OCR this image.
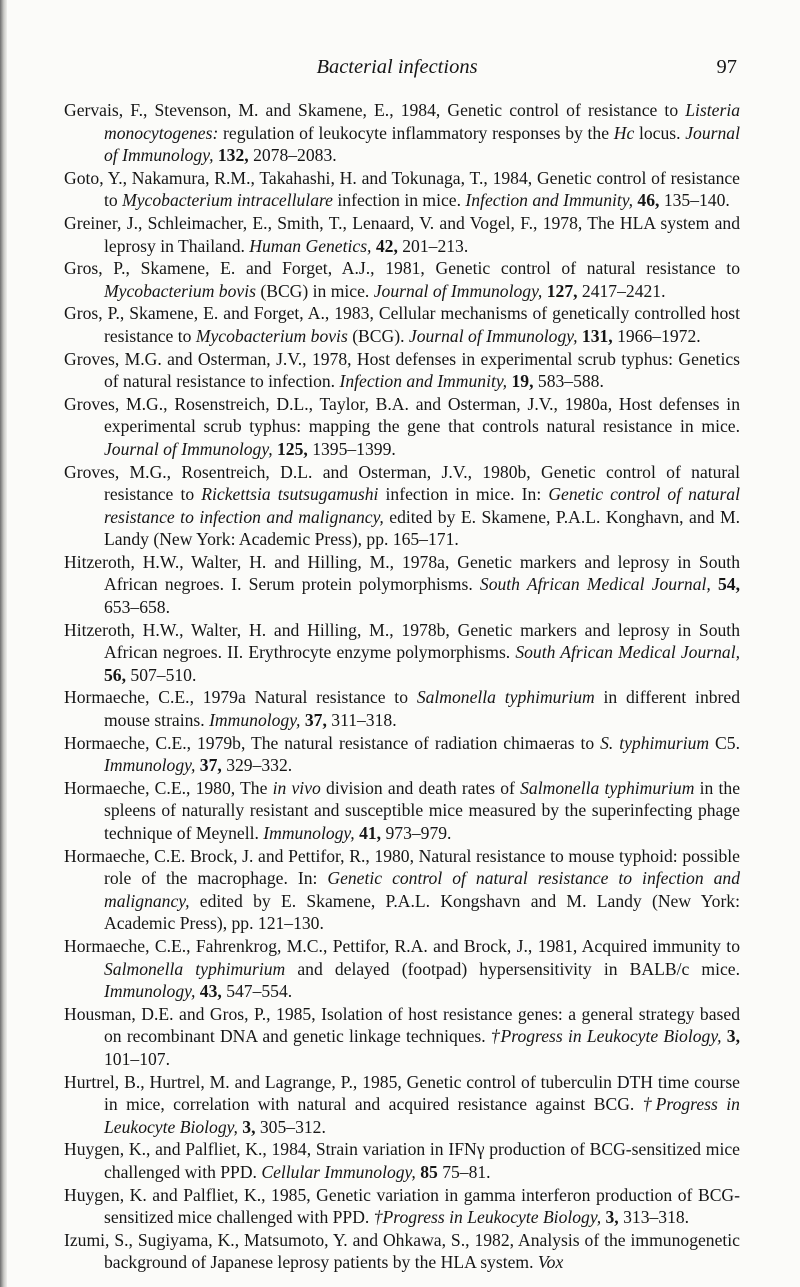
Bacterial infections	97
Gervais, F., Stevenson, M. and Skamene, E., 1984, Genetic control of resistance to Listeria monocytogenes: regulation of leukocyte inflammatory responses by the Hc locus. Journal of Immunology, 132, 2078–2083.
Goto, Y., Nakamura, R.M., Takahashi, H. and Tokunaga, T., 1984, Genetic control of resistance to Mycobacterium intracellulare infection in mice. Infection and Immunity, 46, 135–140.
Greiner, J., Schleimacher, E., Smith, T., Lenaard, V. and Vogel, F., 1978, The HLA system and leprosy in Thailand. Human Genetics, 42, 201–213.
Gros, P., Skamene, E. and Forget, A.J., 1981, Genetic control of natural resistance to Mycobacterium bovis (BCG) in mice. Journal of Immunology, 127, 2417–2421.
Gros, P., Skamene, E. and Forget, A., 1983, Cellular mechanisms of genetically controlled host resistance to Mycobacterium bovis (BCG). Journal of Immunology, 131, 1966–1972.
Groves, M.G. and Osterman, J.V., 1978, Host defenses in experimental scrub typhus: Genetics of natural resistance to infection. Infection and Immunity, 19, 583–588.
Groves, M.G., Rosenstreich, D.L., Taylor, B.A. and Osterman, J.V., 1980a, Host defenses in experimental scrub typhus: mapping the gene that controls natural resistance in mice. Journal of Immunology, 125, 1395–1399.
Groves, M.G., Rosentreich, D.L. and Osterman, J.V., 1980b, Genetic control of natural resistance to Rickettsia tsutsugamushi infection in mice. In: Genetic control of natural resistance to infection and malignancy, edited by E. Skamene, P.A.L. Konghavn, and M. Landy (New York: Academic Press), pp. 165–171.
Hitzeroth, H.W., Walter, H. and Hilling, M., 1978a, Genetic markers and leprosy in South African negroes. I. Serum protein polymorphisms. South African Medical Journal, 54, 653–658.
Hitzeroth, H.W., Walter, H. and Hilling, M., 1978b, Genetic markers and leprosy in South African negroes. II. Erythrocyte enzyme polymorphisms. South African Medical Journal, 56, 507–510.
Hormaeche, C.E., 1979a Natural resistance to Salmonella typhimurium in different inbred mouse strains. Immunology, 37, 311–318.
Hormaeche, C.E., 1979b, The natural resistance of radiation chimaeras to S. typhimurium C5. Immunology, 37, 329–332.
Hormaeche, C.E., 1980, The in vivo division and death rates of Salmonella typhimurium in the spleens of naturally resistant and susceptible mice measured by the superinfecting phage technique of Meynell. Immunology, 41, 973–979.
Hormaeche, C.E. Brock, J. and Pettifor, R., 1980, Natural resistance to mouse typhoid: possible role of the macrophage. In: Genetic control of natural resistance to infection and malignancy, edited by E. Skamene, P.A.L. Kongshavn and M. Landy (New York: Academic Press), pp. 121–130.
Hormaeche, C.E., Fahrenkrog, M.C., Pettifor, R.A. and Brock, J., 1981, Acquired immunity to Salmonella typhimurium and delayed (footpad) hypersensitivity in BALB/c mice. Immunology, 43, 547–554.
Housman, D.E. and Gros, P., 1985, Isolation of host resistance genes: a general strategy based on recombinant DNA and genetic linkage techniques. †Progress in Leukocyte Biology, 3, 101–107.
Hurtrel, B., Hurtrel, M. and Lagrange, P., 1985, Genetic control of tuberculin DTH time course in mice, correlation with natural and acquired resistance against BCG. †Progress in Leukocyte Biology, 3, 305–312.
Huygen, K., and Palfliet, K., 1984, Strain variation in IFNγ production of BCG-sensitized mice challenged with PPD. Cellular Immunology, 85 75–81.
Huygen, K. and Palfliet, K., 1985, Genetic variation in gamma interferon production of BCG-sensitized mice challenged with PPD. †Progress in Leukocyte Biology, 3, 313–318.
Izumi, S., Sugiyama, K., Matsumoto, Y. and Ohkawa, S., 1982, Analysis of the immunogenetic background of Japanese leprosy patients by the HLA system. Vox
